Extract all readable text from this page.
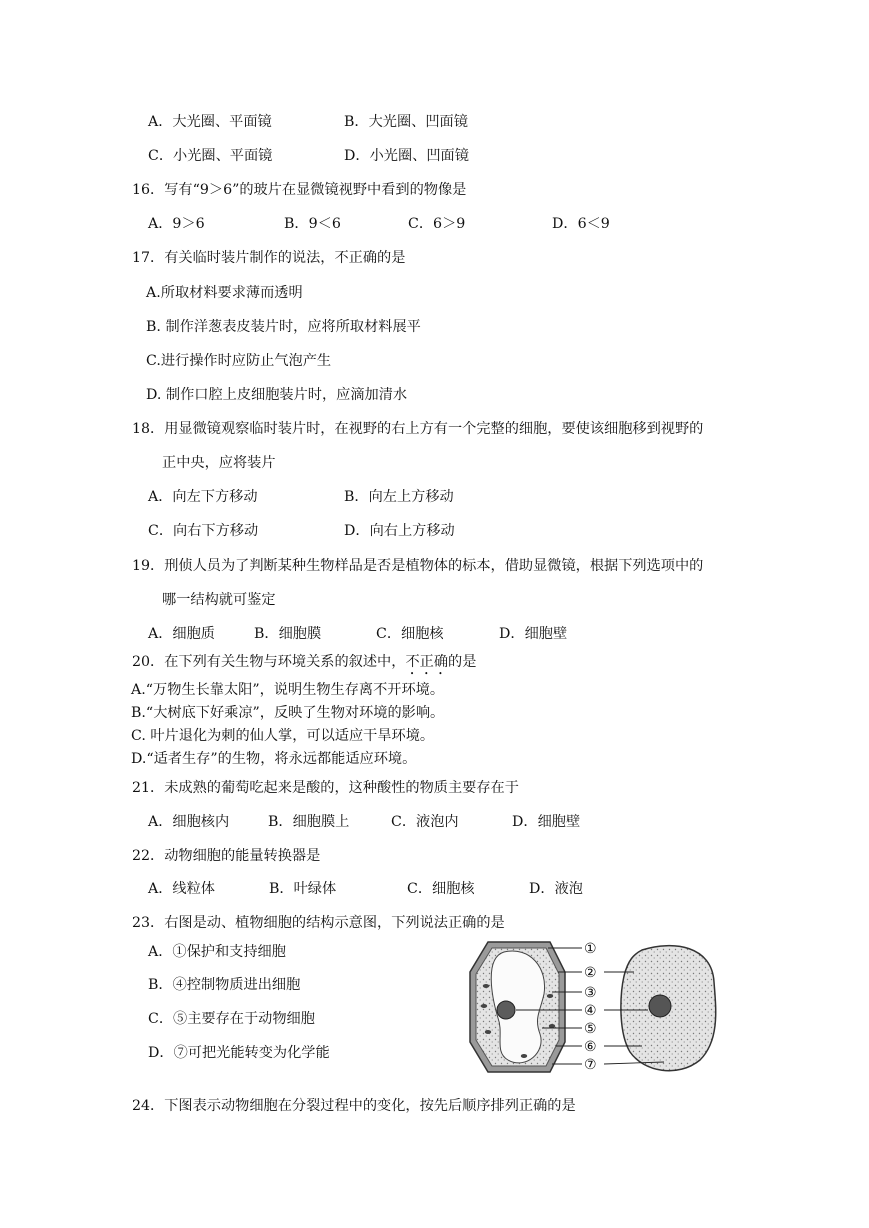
A．大光圈、平面镜	B．大光圈、凹面镜
C．小光圈、平面镜	D．小光圈、凹面镜
16．写有“9＞6”的玻片在显微镜视野中看到的物像是
A．9＞6	B．9＜6	C．6＞9	D．6＜9
17．有关临时装片制作的说法，不正确的是
A.所取材料要求薄而透明
B. 制作洋葱表皮装片时，应将所取材料展平
C.进行操作时应防止气泡产生
D. 制作口腔上皮细胞装片时，应滴加清水
18．用显微镜观察临时装片时，在视野的右上方有一个完整的细胞，要使该细胞移到视野的
正中央，应将装片
A．向左下方移动	B．向左上方移动
C．向右下方移动	D．向右上方移动
19．刑侦人员为了判断某种生物样品是否是植物体的标本，借助显微镜，根据下列选项中的
哪一结构就可鉴定
A．细胞质	B．细胞膜	C．细胞核	D．细胞壁
20．在下列有关生物与环境关系的叙述中，不正确的是
A.“万物生长靠太阳”，说明生物生存离不开环境。
B.“大树底下好乘凉”，反映了生物对环境的影响。
C. 叶片退化为刺的仙人掌，可以适应干旱环境。
D.“适者生存”的生物，将永远都能适应环境。
21．未成熟的葡萄吃起来是酸的，这种酸性的物质主要存在于
A．细胞核内	B．细胞膜上	C．液泡内	D．细胞壁
22．动物细胞的能量转换器是
A．线粒体	B．叶绿体	C．细胞核	D．液泡
23．右图是动、植物细胞的结构示意图，下列说法正确的是
A．①保护和支持细胞
B．④控制物质进出细胞
C．⑤主要存在于动物细胞
D．⑦可把光能转变为化学能
①
②
③
④
⑤
⑥
⑦
24．下图表示动物细胞在分裂过程中的变化，按先后顺序排列正确的是
